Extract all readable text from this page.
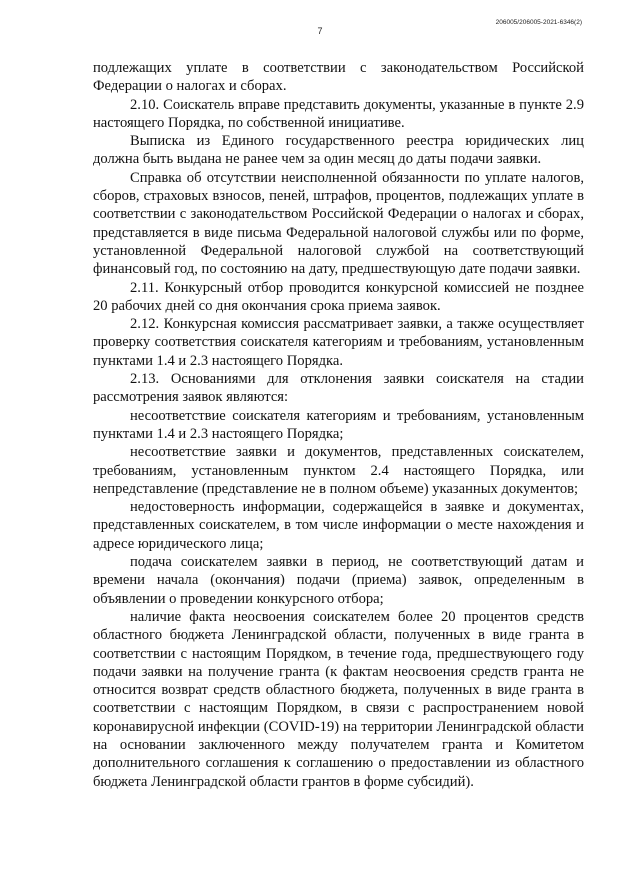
206005/206005-2021-6346(2)
7

подлежащих уплате в соответствии с законодательством Российской Федерации о налогах и сборах.

2.10. Соискатель вправе представить документы, указанные в пункте 2.9 настоящего Порядка, по собственной инициативе.

Выписка из Единого государственного реестра юридических лиц должна быть выдана не ранее чем за один месяц до даты подачи заявки.

Справка об отсутствии неисполненной обязанности по уплате налогов, сборов, страховых взносов, пеней, штрафов, процентов, подлежащих уплате в соответствии с законодательством Российской Федерации о налогах и сборах, представляется в виде письма Федеральной налоговой службы или по форме, установленной Федеральной налоговой службой на соответствующий финансовый год, по состоянию на дату, предшествующую дате подачи заявки.

2.11. Конкурсный отбор проводится конкурсной комиссией не позднее 20 рабочих дней со дня окончания срока приема заявок.

2.12. Конкурсная комиссия рассматривает заявки, а также осуществляет проверку соответствия соискателя категориям и требованиям, установленным пунктами 1.4 и 2.3 настоящего Порядка.

2.13. Основаниями для отклонения заявки соискателя на стадии рассмотрения заявок являются:

несоответствие соискателя категориям и требованиям, установленным пунктами 1.4 и 2.3 настоящего Порядка;

несоответствие заявки и документов, представленных соискателем, требованиям, установленным пунктом 2.4 настоящего Порядка, или непредставление (представление не в полном объеме) указанных документов;

недостоверность информации, содержащейся в заявке и документах, представленных соискателем, в том числе информации о месте нахождения и адресе юридического лица;

подача соискателем заявки в период, не соответствующий датам и времени начала (окончания) подачи (приема) заявок, определенным в объявлении о проведении конкурсного отбора;

наличие факта неосвоения соискателем более 20 процентов средств областного бюджета Ленинградской области, полученных в виде гранта в соответствии с настоящим Порядком, в течение года, предшествующего году подачи заявки на получение гранта (к фактам неосвоения средств гранта не относится возврат средств областного бюджета, полученных в виде гранта в соответствии с настоящим Порядком, в связи с распространением новой коронавирусной инфекции (COVID-19) на территории Ленинградской области на основании заключенного между получателем гранта и Комитетом дополнительного соглашения к соглашению о предоставлении из областного бюджета Ленинградской области грантов в форме субсидий).
